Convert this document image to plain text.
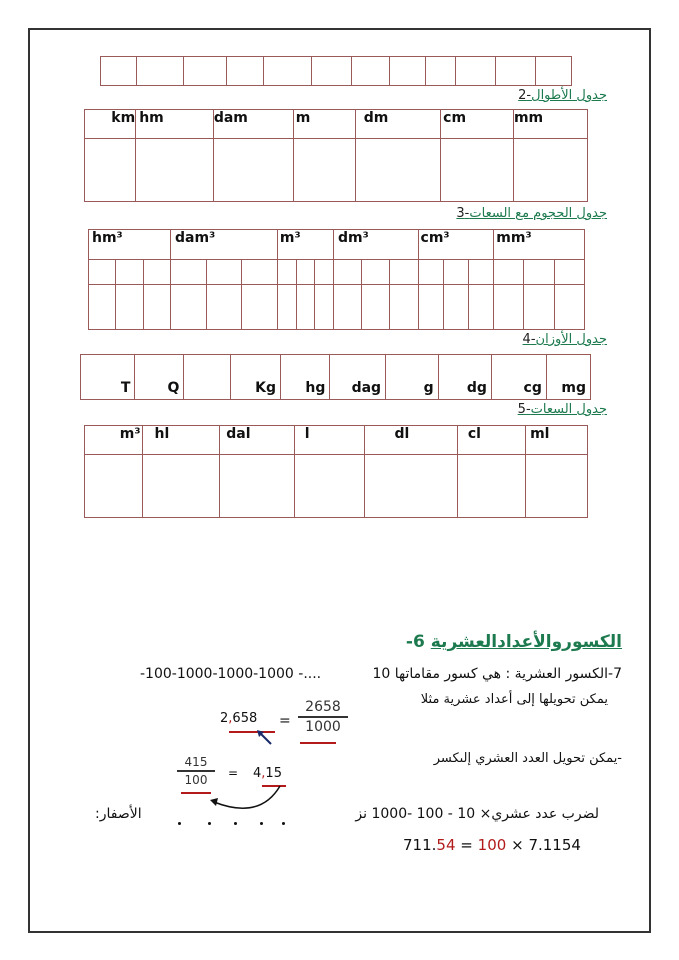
جدول الأطوال-2
km	hm	dam	m	dm	cm	mm

جدول الحجوم مع السعات-3
hm³			dam³			m³			dm³			cm³			mm³		

جدول الأوزان-4
T	Q		Kg	hg	dag	g	dg	cg	mg
جدول السعات-5
m³	hl	dal	l	dl	cl	ml

الكسوروالأعدادالعشرية 6-
7-الكسور العشرية : هي كسور مقاماتها 10
-100-1000-1000-1000 -....
يمكن تحويلها إلى أعداد عشرية مثلا
2658
1000
=
2,658
-يمكن تحويل العدد العشري إلىكسر
415
100	= 4,15
لضرب عدد عشري× 10 - 100 -1000 نز
الأصفار:
711.54 = 100 × 7.1154
